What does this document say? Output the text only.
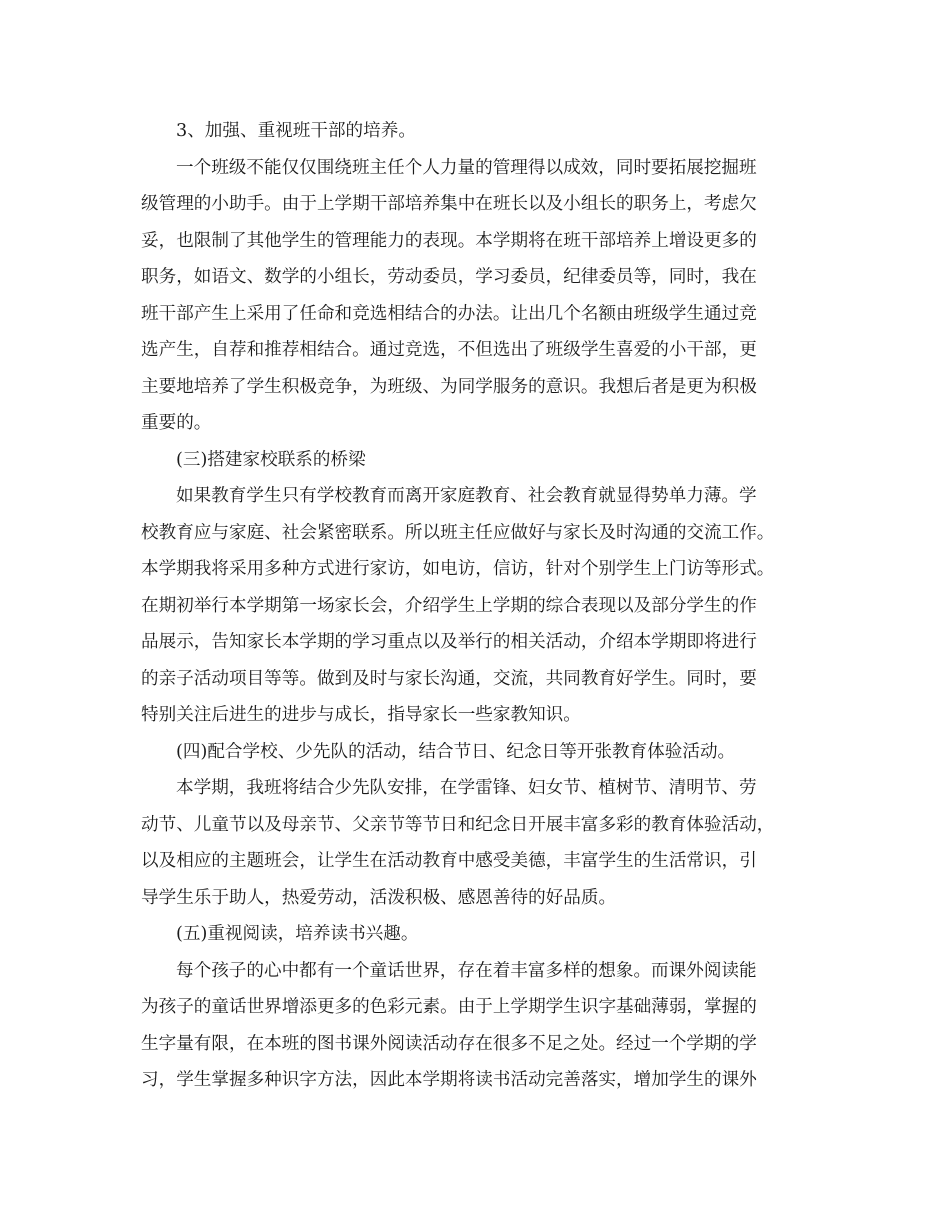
3、加强、重视班干部的培养。
一个班级不能仅仅围绕班主任个人力量的管理得以成效，同时要拓展挖掘班
级管理的小助手。由于上学期干部培养集中在班长以及小组长的职务上，考虑欠
妥，也限制了其他学生的管理能力的表现。本学期将在班干部培养上增设更多的
职务，如语文、数学的小组长，劳动委员，学习委员，纪律委员等，同时，我在
班干部产生上采用了任命和竞选相结合的办法。让出几个名额由班级学生通过竞
选产生，自荐和推荐相结合。通过竞选，不但选出了班级学生喜爱的小干部，更
主要地培养了学生积极竞争，为班级、为同学服务的意识。我想后者是更为积极
重要的。
(三)搭建家校联系的桥梁
如果教育学生只有学校教育而离开家庭教育、社会教育就显得势单力薄。学
校教育应与家庭、社会紧密联系。所以班主任应做好与家长及时沟通的交流工作。
本学期我将采用多种方式进行家访，如电访，信访，针对个别学生上门访等形式。
在期初举行本学期第一场家长会，介绍学生上学期的综合表现以及部分学生的作
品展示，告知家长本学期的学习重点以及举行的相关活动，介绍本学期即将进行
的亲子活动项目等等。做到及时与家长沟通，交流，共同教育好学生。同时，要
特别关注后进生的进步与成长，指导家长一些家教知识。
(四)配合学校、少先队的活动，结合节日、纪念日等开张教育体验活动。
本学期，我班将结合少先队安排，在学雷锋、妇女节、植树节、清明节、劳
动节、儿童节以及母亲节、父亲节等节日和纪念日开展丰富多彩的教育体验活动，
以及相应的主题班会，让学生在活动教育中感受美德，丰富学生的生活常识，引
导学生乐于助人，热爱劳动，活泼积极、感恩善待的好品质。
(五)重视阅读，培养读书兴趣。
每个孩子的心中都有一个童话世界，存在着丰富多样的想象。而课外阅读能
为孩子的童话世界增添更多的色彩元素。由于上学期学生识字基础薄弱，掌握的
生字量有限，在本班的图书课外阅读活动存在很多不足之处。经过一个学期的学
习，学生掌握多种识字方法，因此本学期将读书活动完善落实，增加学生的课外
